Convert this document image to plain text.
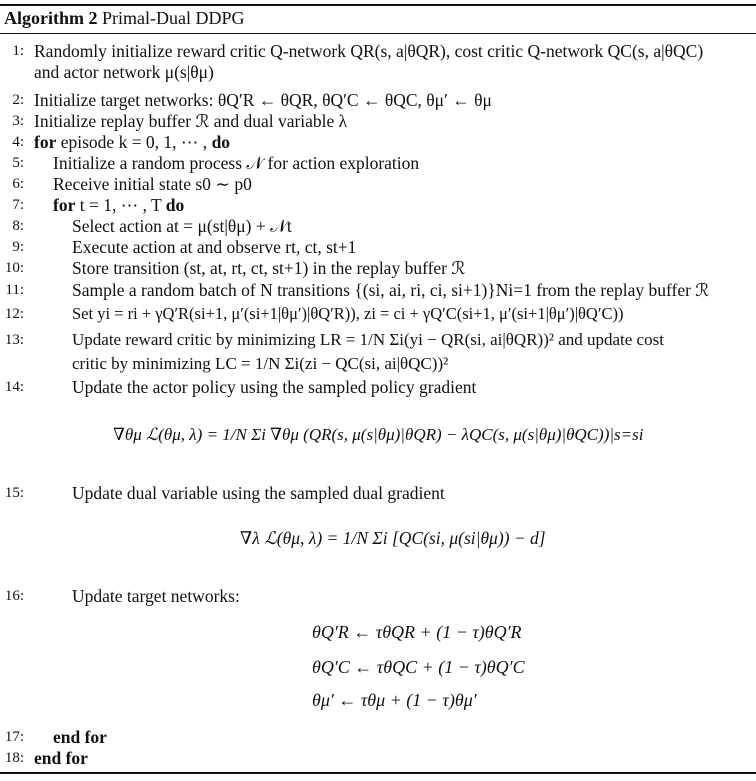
Algorithm 2 Primal-Dual DDPG
1: Randomly initialize reward critic Q-network QR(s, a|θQR), cost critic Q-network QC(s, a|θQC)
and actor network μ(s|θμ)
2: Initialize target networks: θQ′R ← θQR, θQ′C ← θQC, θμ′ ← θμ
3: Initialize replay buffer ℛ and dual variable λ
4: for episode k = 0, 1, ⋯ , do
5: Initialize a random process 𝒩 for action exploration
6: Receive initial state s0 ∼ p0
7: for t = 1, ⋯ , T do
8:	Select action at = μ(st|θμ) + 𝒩t
9:	Execute action at and observe rt, ct, st+1
10:	Store transition (st, at, rt, ct, st+1) in the replay buffer ℛ
11:	Sample a random batch of N transitions {(si, ai, ri, ci, si+1)}Ni=1 from the replay buffer ℛ
12:	Set yi = ri + γQ′R(si+1, μ′(si+1|θμ′)|θQ′R)), zi = ci + γQ′C(si+1, μ′(si+1|θμ′)|θQ′C))
13:	Update reward critic by minimizing LR = 1/N Σi(yi − QR(si, ai|θQR))² and update cost
critic by minimizing LC = 1/N Σi(zi − QC(si, ai|θQC))²
14:	Update the actor policy using the sampled policy gradient
∇θμ ℒ(θμ, λ) = 1/N Σi ∇θμ (QR(s, μ(s|θμ)|θQR) − λQC(s, μ(s|θμ)|θQC))|s=si
15:	Update dual variable using the sampled dual gradient
∇λ ℒ(θμ, λ) = 1/N Σi [QC(si, μ(si|θμ)) − d]
16:	Update target networks:
θQ′R ← τθQR + (1 − τ)θQ′R
θQ′C ← τθQC + (1 − τ)θQ′C
θμ′ ← τθμ + (1 − τ)θμ′
17: end for
18: end for
